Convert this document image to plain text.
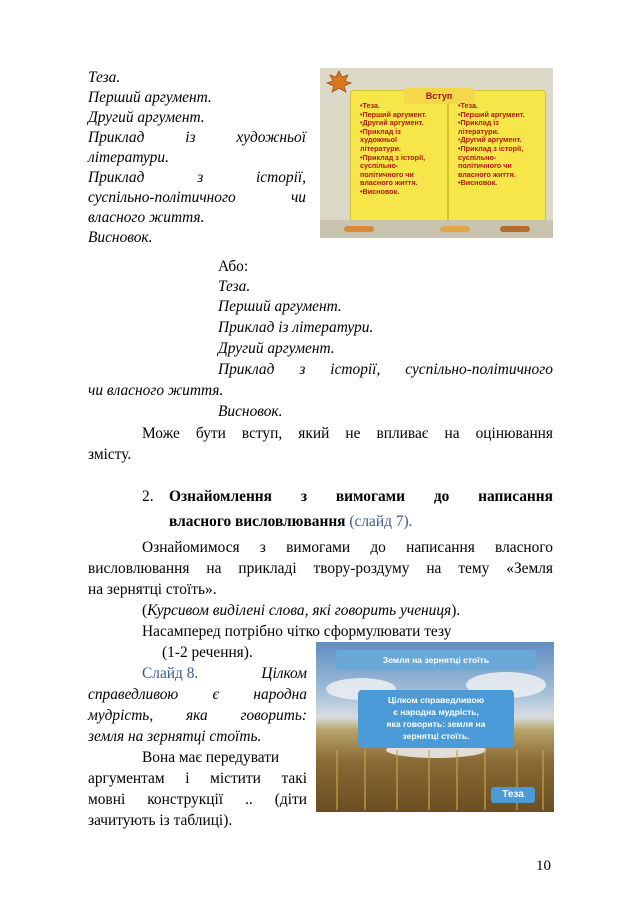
Теза.
Перший аргумент.
Другий аргумент.
Приклад	із	художньої
літератури.
Приклад	з	історії,
суспільно-політичного	чи
власного життя.
Висновок.
Вступ
•Теза.
•Перший аргумент.
•Другий аргумент.
•Приклад із
художньої
літератури.
•Приклад з історії,
суспільно-
політичного чи
власного життя.
•Висновок.
•Теза.
•Перший аргумент.
•Приклад із
літератури.
•Другий аргумент.
•Приклад з історії,
суспільно-
політичного чи
власного життя.
•Висновок.
Або:
Теза.
Перший аргумент.
Приклад із літератури.
Другий аргумент.
Приклад з історії, суспільно-політичного
чи власного життя.
Висновок.
Може бути вступ, який не впливає на оцінювання
змісту.
2. Ознайомлення з вимогами до написання
власного висловлювання (слайд 7).
Ознайомимося з вимогами до написання власного
висловлювання на прикладі твору-роздуму на тему «Земля
на зернятці стоїть».
(Курсивом виділені слова, які говорить учениця).
Насамперед потрібно чітко сформулювати тезу
(1-2 речення).
Слайд 8.	Цілком
справедливою є народна
мудрість, яка говорить:
земля на зернятці стоїть.
Вона має передувати
аргументам і містити такі
мовні конструкції .. (діти
зачитують із таблиці).
Земля на зернятці стоїть
Цілком справедливою
є народна мудрість,
яка говорить: земля на
зернятці стоїть.
Теза
10
